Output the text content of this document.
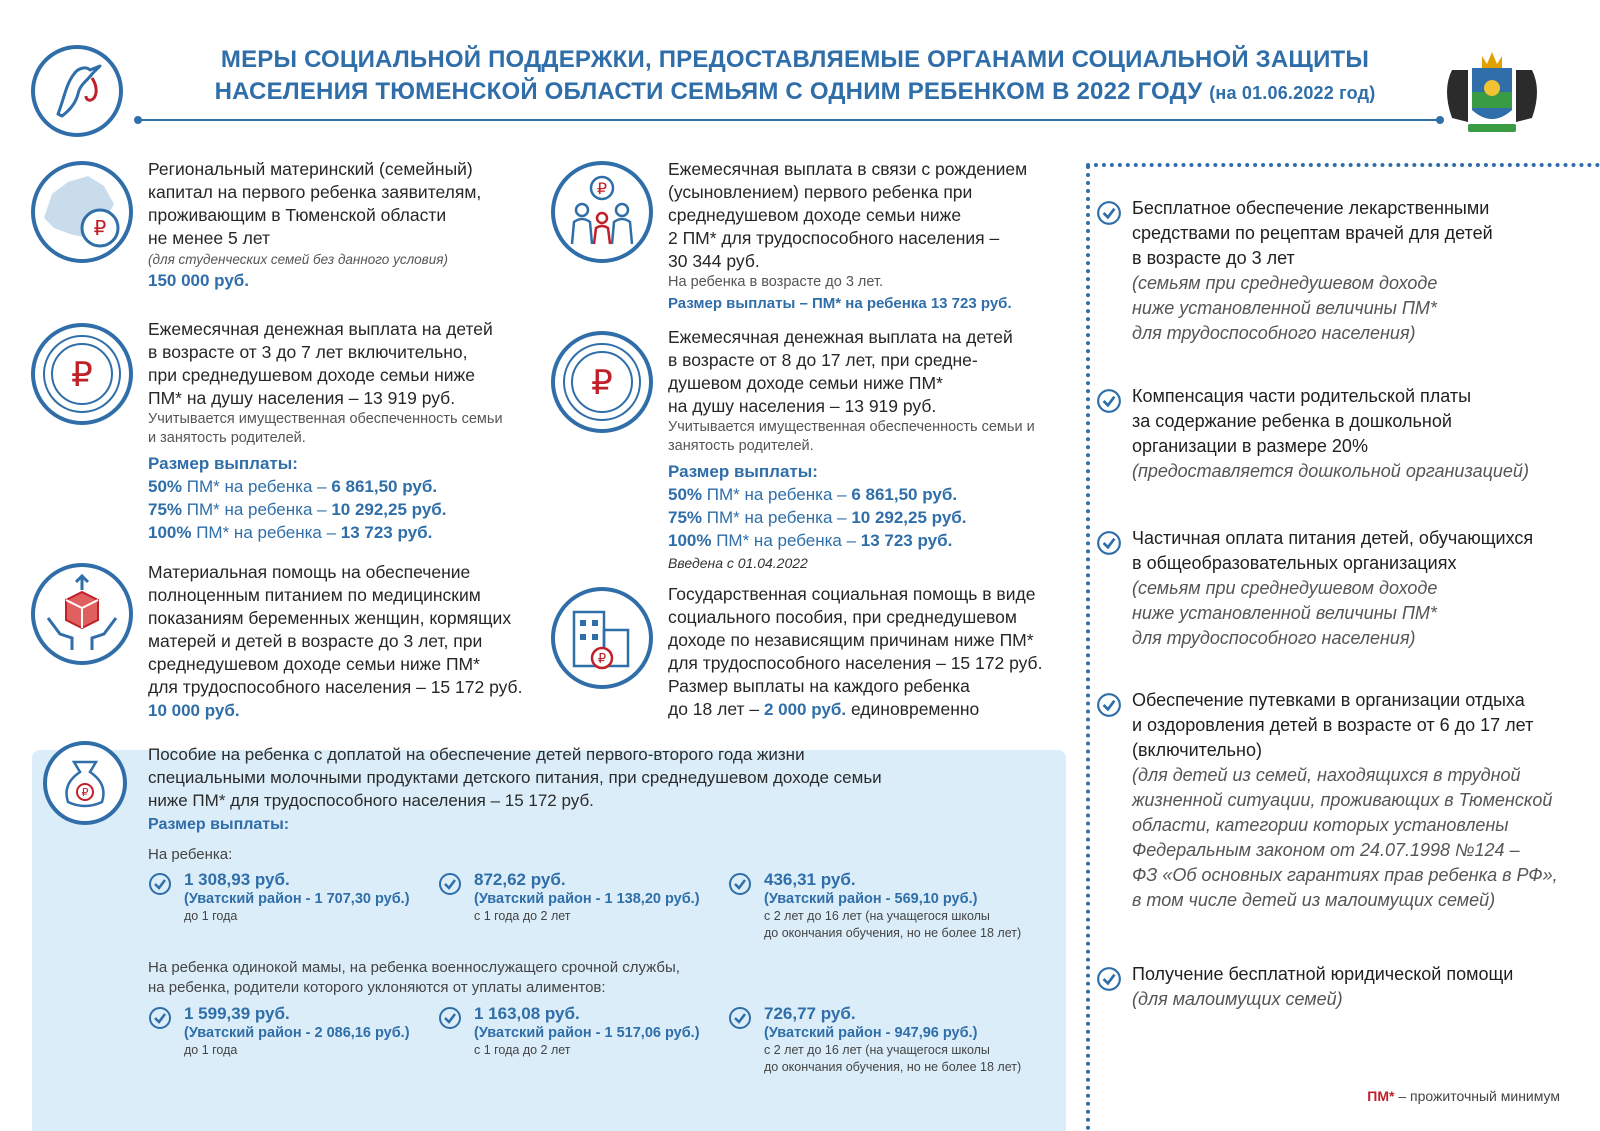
МЕРЫ СОЦИАЛЬНОЙ ПОДДЕРЖКИ, ПРЕДОСТАВЛЯЕМЫЕ ОРГАНАМИ СОЦИАЛЬНОЙ ЗАЩИТЫ
НАСЕЛЕНИЯ ТЮМЕНСКОЙ ОБЛАСТИ СЕМЬЯМ С ОДНИМ РЕБЕНКОМ В 2022 ГОДУ (на 01.06.2022 год)
₽
Региональный материнский (семейный)
капитал на первого ребенка заявителям,
проживающим в Тюменской области
не менее 5 лет
(для студенческих семей без данного условия)
150 000 руб.
₽
Ежемесячная денежная выплата на детей
в возрасте от 3 до 7 лет включительно,
при среднедушевом доходе семьи ниже
ПМ* на душу населения – 13 919 руб.
Учитывается имущественная обеспеченность семьи
и занятость родителей.
Размер выплаты:
50% ПМ* на ребенка – 6 861,50 руб.
75% ПМ* на ребенка – 10 292,25 руб.
100% ПМ* на ребенка – 13 723 руб.
Материальная помощь на обеспечение
полноценным питанием по медицинским
показаниям беременных женщин, кормящих
матерей и детей в возрасте до 3 лет, при
среднедушевом доходе семьи ниже ПМ*
для трудоспособного населения – 15 172 руб.
10 000 руб.
₽
Ежемесячная выплата в связи с рождением
(усыновлением) первого ребенка при
среднедушевом доходе семьи ниже
2 ПМ* для трудоспособного населения –
30 344 руб.
На ребенка в возрасте до 3 лет.
Размер выплаты – ПМ* на ребенка 13 723 руб.
₽
Ежемесячная денежная выплата на детей
в возрасте от 8 до 17 лет, при средне-
душевом доходе семьи ниже ПМ*
на душу населения – 13 919 руб.
Учитывается имущественная обеспеченность семьи и
занятость родителей.
Размер выплаты:
50% ПМ* на ребенка – 6 861,50 руб.
75% ПМ* на ребенка – 10 292,25 руб.
100% ПМ* на ребенка – 13 723 руб.
Введена с 01.04.2022
₽
Государственная социальная помощь в виде
социального пособия, при среднедушевом
доходе по независящим причинам ниже ПМ*
для трудоспособного населения – 15 172 руб.
Размер выплаты на каждого ребенка
до 18 лет – 2 000 руб. единовременно
₽
Пособие на ребенка с доплатой на обеспечение детей первого-второго года жизни
специальными молочными продуктами детского питания, при среднедушевом доходе семьи
ниже ПМ* для трудоспособного населения – 15 172 руб.
Размер выплаты:
На ребенка:
1 308,93 руб.
(Уватский район - 1 707,30 руб.)
до 1 года
872,62 руб.
(Уватский район - 1 138,20 руб.)
с 1 года до 2 лет
436,31 руб.
(Уватский район - 569,10 руб.)
с 2 лет до 16 лет (на учащегося школы
до окончания обучения, но не более 18 лет)
На ребенка одинокой мамы, на ребенка военнослужащего срочной службы,
на ребенка, родители которого уклоняются от уплаты алиментов:
1 599,39 руб.
(Уватский район - 2 086,16 руб.)
до 1 года
1 163,08 руб.
(Уватский район - 1 517,06 руб.)
с 1 года до 2 лет
726,77 руб.
(Уватский район - 947,96 руб.)
с 2 лет до 16 лет (на учащегося школы
до окончания обучения, но не более 18 лет)
Бесплатное обеспечение лекарственными
средствами по рецептам врачей для детей
в возрасте до 3 лет
(семьям при среднедушевом доходе
ниже установленной величины ПМ*
для трудоспособного населения)
Компенсация части родительской платы
за содержание ребенка в дошкольной
организации в размере 20%
(предоставляется дошкольной организацией)
Частичная оплата питания детей, обучающихся
в общеобразовательных организациях
(семьям при среднедушевом доходе
ниже установленной величины ПМ*
для трудоспособного населения)
Обеспечение путевками в организации отдыха
и оздоровления детей в возрасте от 6 до 17 лет
(включительно)
(для детей из семей, находящихся в трудной
жизненной ситуации, проживающих в Тюменской
области, категории которых установлены
Федеральным законом от 24.07.1998 №124 –
ФЗ «Об основных гарантиях прав ребенка в РФ»,
в том числе детей из малоимущих семей)
Получение бесплатной юридической помощи
(для малоимущих семей)
ПМ* – прожиточный минимум
